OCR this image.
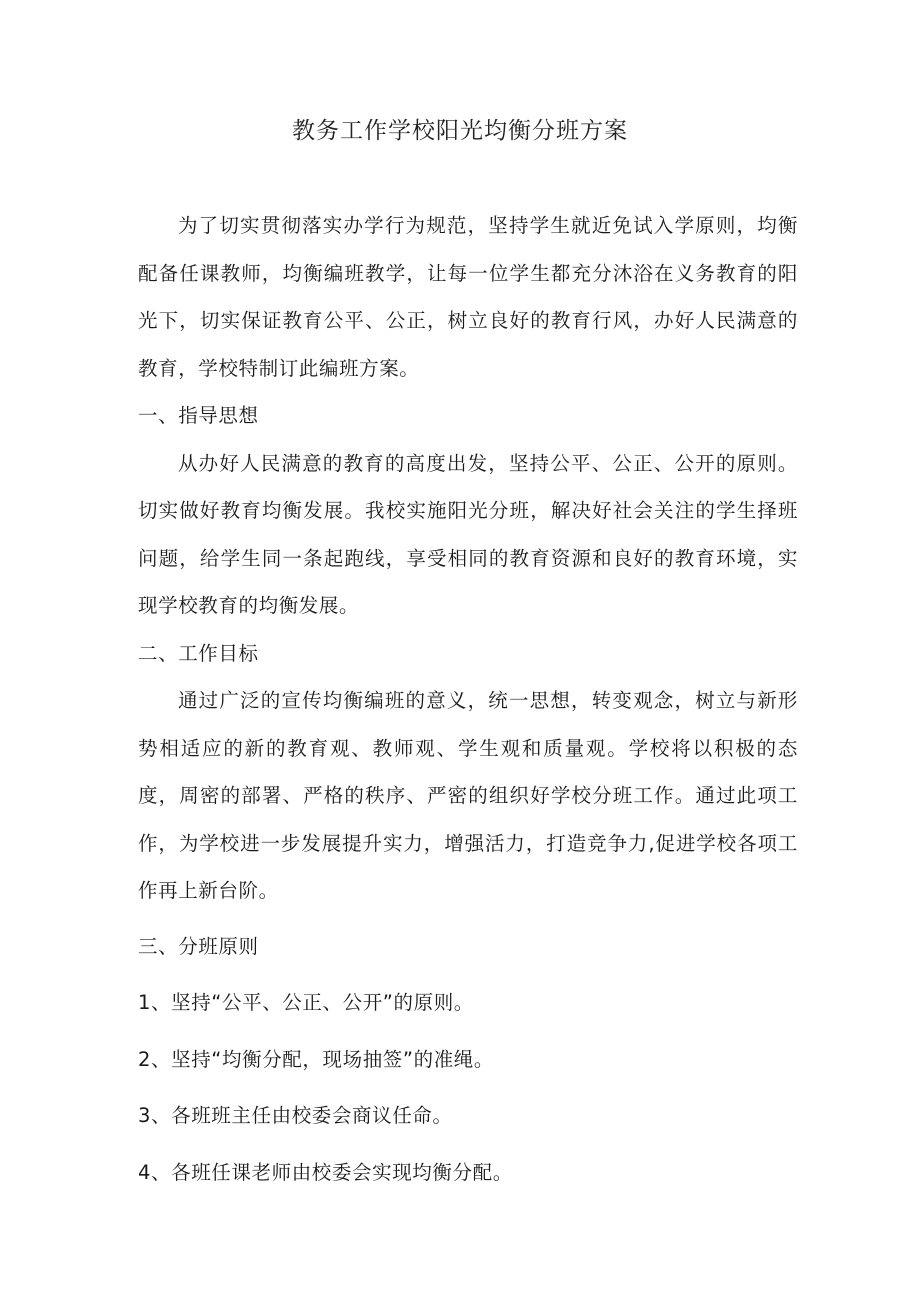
教务工作学校阳光均衡分班方案

为了切实贯彻落实办学行为规范，坚持学生就近免试入学原则，均衡配备任课教师，均衡编班教学，让每一位学生都充分沐浴在义务教育的阳光下，切实保证教育公平、公正，树立良好的教育行风，办好人民满意的教育，学校特制订此编班方案。

一、指导思想

从办好人民满意的教育的高度出发，坚持公平、公正、公开的原则。切实做好教育均衡发展。我校实施阳光分班，解决好社会关注的学生择班问题，给学生同一条起跑线，享受相同的教育资源和良好的教育环境，实现学校教育的均衡发展。

二、工作目标

通过广泛的宣传均衡编班的意义，统一思想，转变观念，树立与新形势相适应的新的教育观、教师观、学生观和质量观。学校将以积极的态度，周密的部署、严格的秩序、严密的组织好学校分班工作。通过此项工作，为学校进一步发展提升实力，增强活力，打造竞争力,促进学校各项工作再上新台阶。

三、分班原则

1、坚持“公平、公正、公开”的原则。

2、坚持“均衡分配，现场抽签”的准绳。

3、各班班主任由校委会商议任命。

4、各班任课老师由校委会实现均衡分配。
